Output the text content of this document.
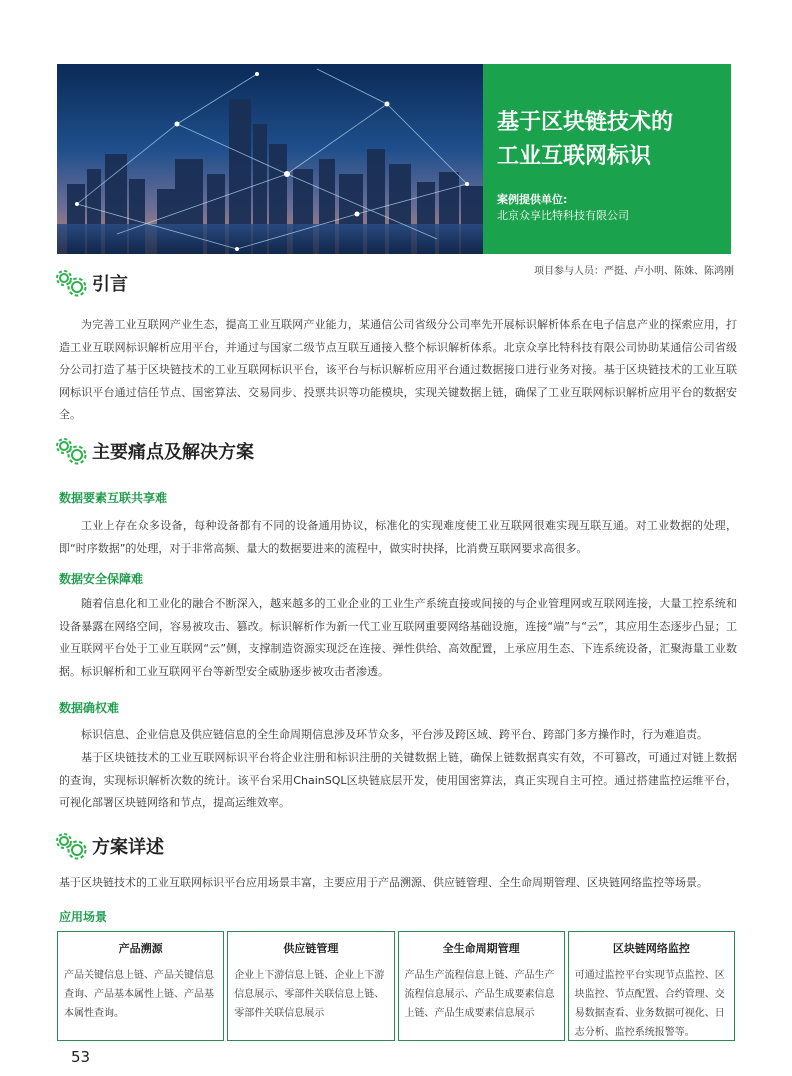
基于区块链技术的
工业互联网标识
案例提供单位:
北京众享比特科技有限公司
项目参与人员：严挺、卢小明、陈姝、陈鸿刚
引言

为完善工业互联网产业生态，提高工业互联网产业能力，某通信公司省级分公司率先开展标识解析体系在电子信息产业的探索应用，打造工业互联网标识解析应用平台，并通过与国家二级节点互联互通接入整个标识解析体系。北京众享比特科技有限公司协助某通信公司省级分公司打造了基于区块链技术的工业互联网标识平台，该平台与标识解析应用平台通过数据接口进行业务对接。基于区块链技术的工业互联网标识平台通过信任节点、国密算法、交易同步、投票共识等功能模块，实现关键数据上链，确保了工业互联网标识解析应用平台的数据安全。

主要痛点及解决方案
数据要素互联共享难

工业上存在众多设备，每种设备都有不同的设备通用协议，标准化的实现难度使工业互联网很难实现互联互通。对工业数据的处理，即“时序数据”的处理，对于非常高频、量大的数据要进来的流程中，做实时抉择，比消费互联网要求高很多。

数据安全保障难

随着信息化和工业化的融合不断深入，越来越多的工业企业的工业生产系统直接或间接的与企业管理网或互联网连接，大量工控系统和设备暴露在网络空间，容易被攻击、篡改。标识解析作为新一代工业互联网重要网络基础设施，连接“端”与“云”，其应用生态逐步凸显；工业互联网平台处于工业互联网“云”侧，支撑制造资源实现泛在连接、弹性供给、高效配置，上承应用生态、下连系统设备，汇聚海量工业数据。标识解析和工业互联网平台等新型安全威胁逐步被攻击者渗透。

数据确权难

标识信息、企业信息及供应链信息的全生命周期信息涉及环节众多，平台涉及跨区域、跨平台、跨部门多方操作时，行为难追责。

基于区块链技术的工业互联网标识平台将企业注册和标识注册的关键数据上链，确保上链数据真实有效，不可篡改，可通过对链上数据的查询，实现标识解析次数的统计。该平台采用ChainSQL区块链底层开发，使用国密算法，真正实现自主可控。通过搭建监控运维平台，可视化部署区块链网络和节点，提高运维效率。

方案详述

基于区块链技术的工业互联网标识平台应用场景丰富，主要应用于产品溯源、供应链管理、全生命周期管理、区块链网络监控等场景。

应用场景
产品溯源
产品关键信息上链、产品关键信息查询、产品基本属性上链、产品基本属性查询。
供应链管理
企业上下游信息上链、企业上下游信息展示、零部件关联信息上链、零部件关联信息展示
全生命周期管理
产品生产流程信息上链、产品生产流程信息展示、产品生成要素信息上链、产品生成要素信息展示
区块链网络监控
可通过监控平台实现节点监控、区块监控、节点配置、合约管理、交易数据查看、业务数据可视化、日志分析、监控系统报警等。
53
